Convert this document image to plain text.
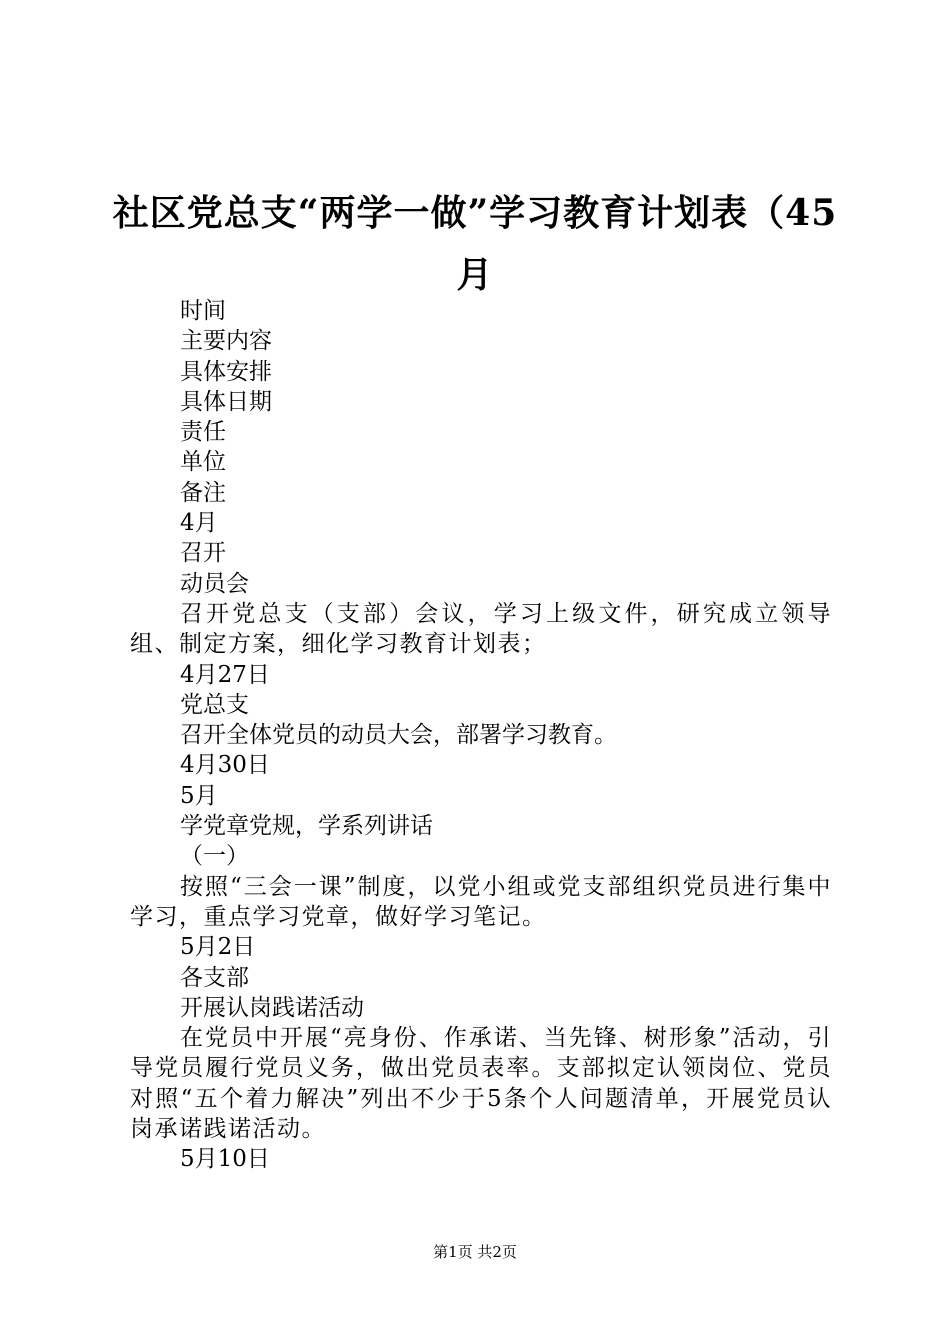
社区党总支“两学一做”学习教育计划表（45月

时间

主要内容

具体安排

具体日期

责任

单位

备注

4月

召开

动员会

召开党总支（支部）会议，学习上级文件，研究成立领导组、制定方案，细化学习教育计划表；

4月27日

党总支

召开全体党员的动员大会，部署学习教育。

4月30日

5月

学党章党规，学系列讲话

（一）

按照“三会一课”制度，以党小组或党支部组织党员进行集中学习，重点学习党章，做好学习笔记。

5月2日

各支部

开展认岗践诺活动

在党员中开展“亮身份、作承诺、当先锋、树形象”活动，引导党员履行党员义务，做出党员表率。支部拟定认领岗位、党员对照“五个着力解决”列出不少于5条个人问题清单，开展党员认岗承诺践诺活动。

5月10日

第1页 共2页
